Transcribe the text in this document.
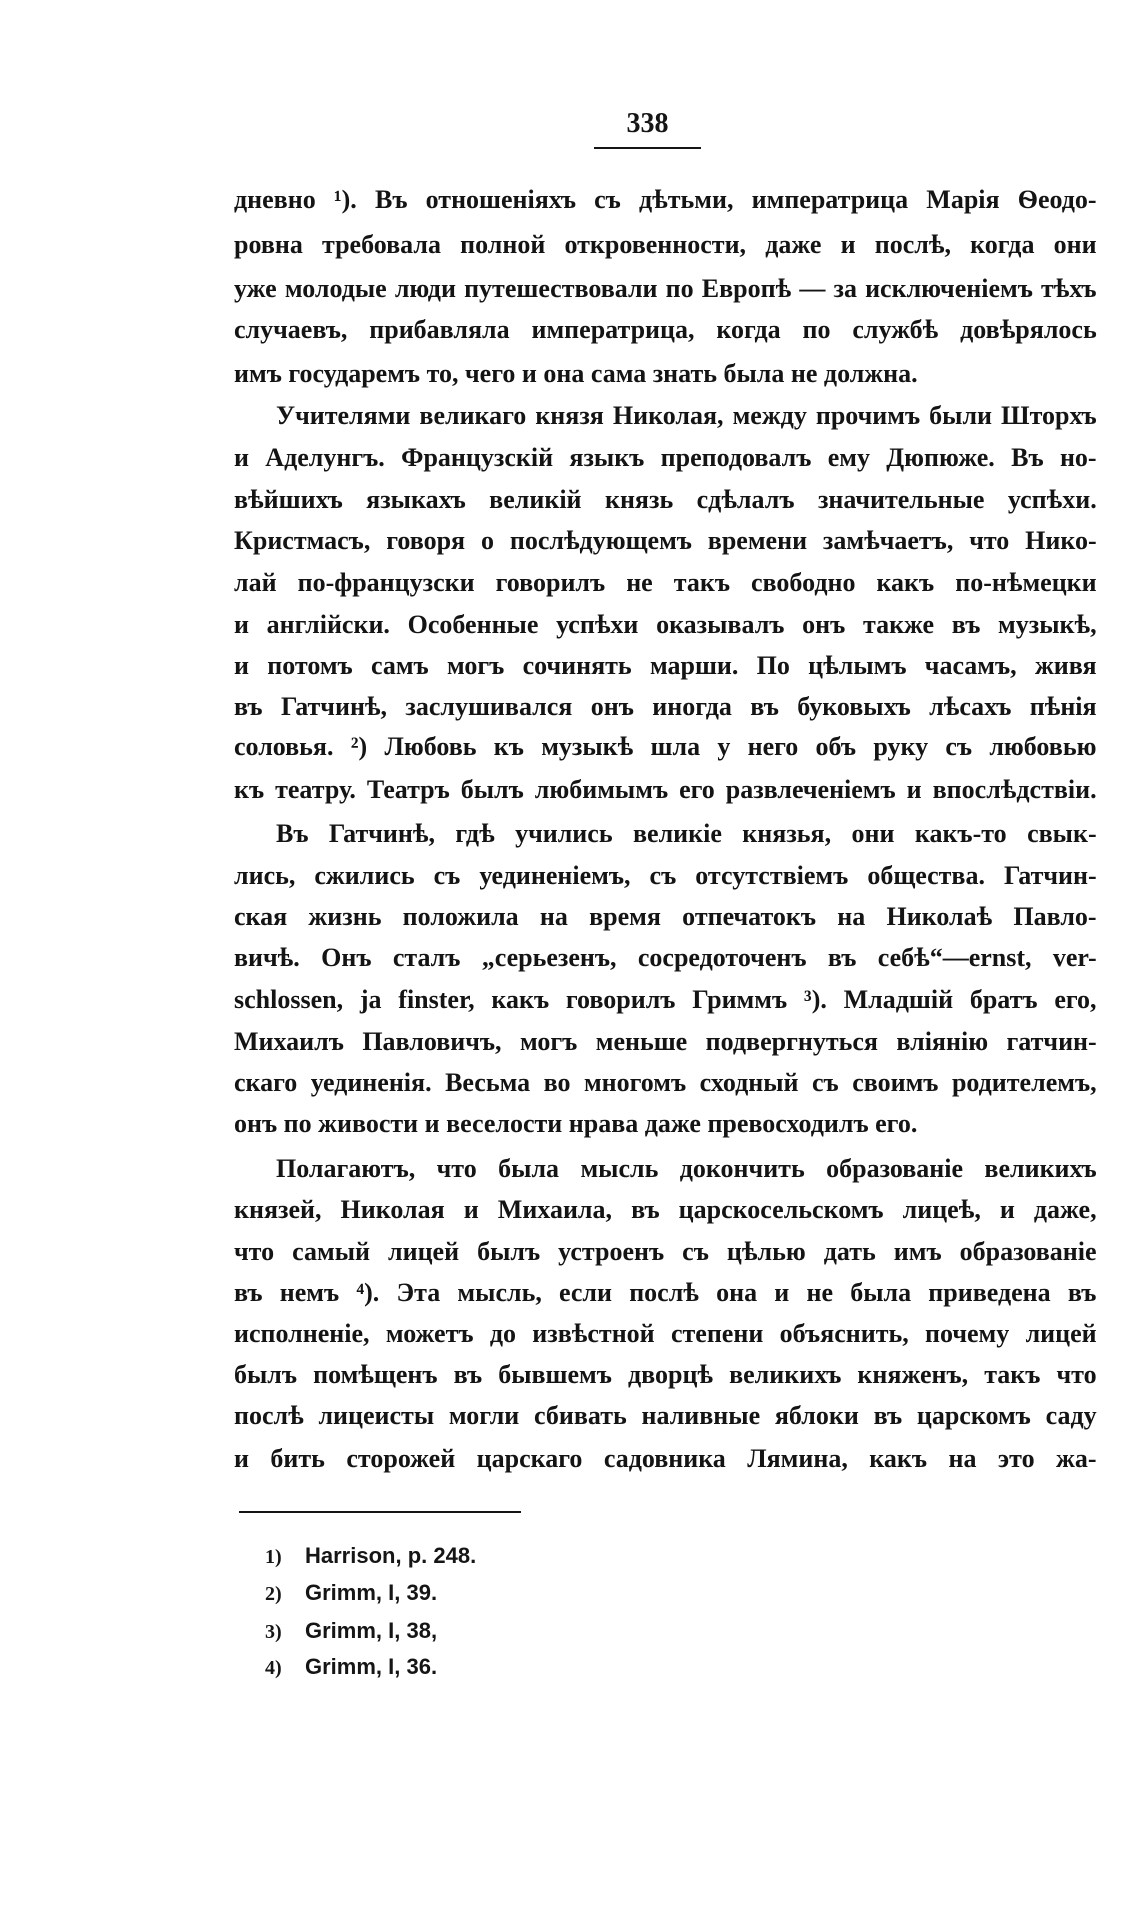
338
дневно ¹). Въ отношеніяхъ съ дѣтьми, императрица Марія Ѳеодо-
ровна требовала полной откровенности, даже и послѣ, когда они
уже молодые люди путешествовали по Европѣ — за исключеніемъ тѣхъ
случаевъ, прибавляла императрица, когда по службѣ довѣрялось
имъ государемъ то, чего и она сама знать была не должна.
Учителями великаго князя Николая, между прочимъ были Шторхъ
и Аделунгъ. Французскій языкъ преподовалъ ему Дюпюже. Въ но-
вѣйшихъ языкахъ великій князь сдѣлалъ значительные успѣхи.
Кристмасъ, говоря о послѣдующемъ времени замѣчаетъ, что Нико-
лай по-французски говорилъ не такъ свободно какъ по-нѣмецки
и англійски. Особенные успѣхи оказывалъ онъ также въ музыкѣ,
и потомъ самъ могъ сочинять марши. По цѣлымъ часамъ, живя
въ Гатчинѣ, заслушивался онъ иногда въ буковыхъ лѣсахъ пѣнія
соловья. ²) Любовь къ музыкѣ шла у него объ руку съ любовью
къ театру. Театръ былъ любимымъ его развлеченіемъ и впослѣдствіи.
Въ Гатчинѣ, гдѣ учились великіе князья, они какъ-то свык-
лись, сжились съ уединеніемъ, съ отсутствіемъ общества. Гатчин-
ская жизнь положила на время отпечатокъ на Николаѣ Павло-
вичѣ. Онъ сталъ „серьезенъ, сосредоточенъ въ себѣ“—ernst, ver-
schlossen, ja finster, какъ говорилъ Гриммъ ³). Младшій братъ его,
Михаилъ Павловичъ, могъ меньше подвергнуться вліянію гатчин-
скаго уединенія. Весьма во многомъ сходный съ своимъ родителемъ,
онъ по живости и веселости нрава даже превосходилъ его.
Полагаютъ, что была мысль докончить образованіе великихъ
князей, Николая и Михаила, въ царскосельскомъ лицеѣ, и даже,
что самый лицей былъ устроенъ съ цѣлью дать имъ образованіе
въ немъ ⁴). Эта мысль, если послѣ она и не была приведена въ
исполненіе, можетъ до извѣстной степени объяснить, почему лицей
былъ помѣщенъ въ бывшемъ дворцѣ великихъ княженъ, такъ что
послѣ лицеисты могли сбивать наливные яблоки въ царскомъ саду
и бить сторожей царскаго садовника Лямина, какъ на это жа-
1) Harrison, p. 248.
2) Grimm, I, 39.
3) Grimm, I, 38,
4) Grimm, I, 36.
